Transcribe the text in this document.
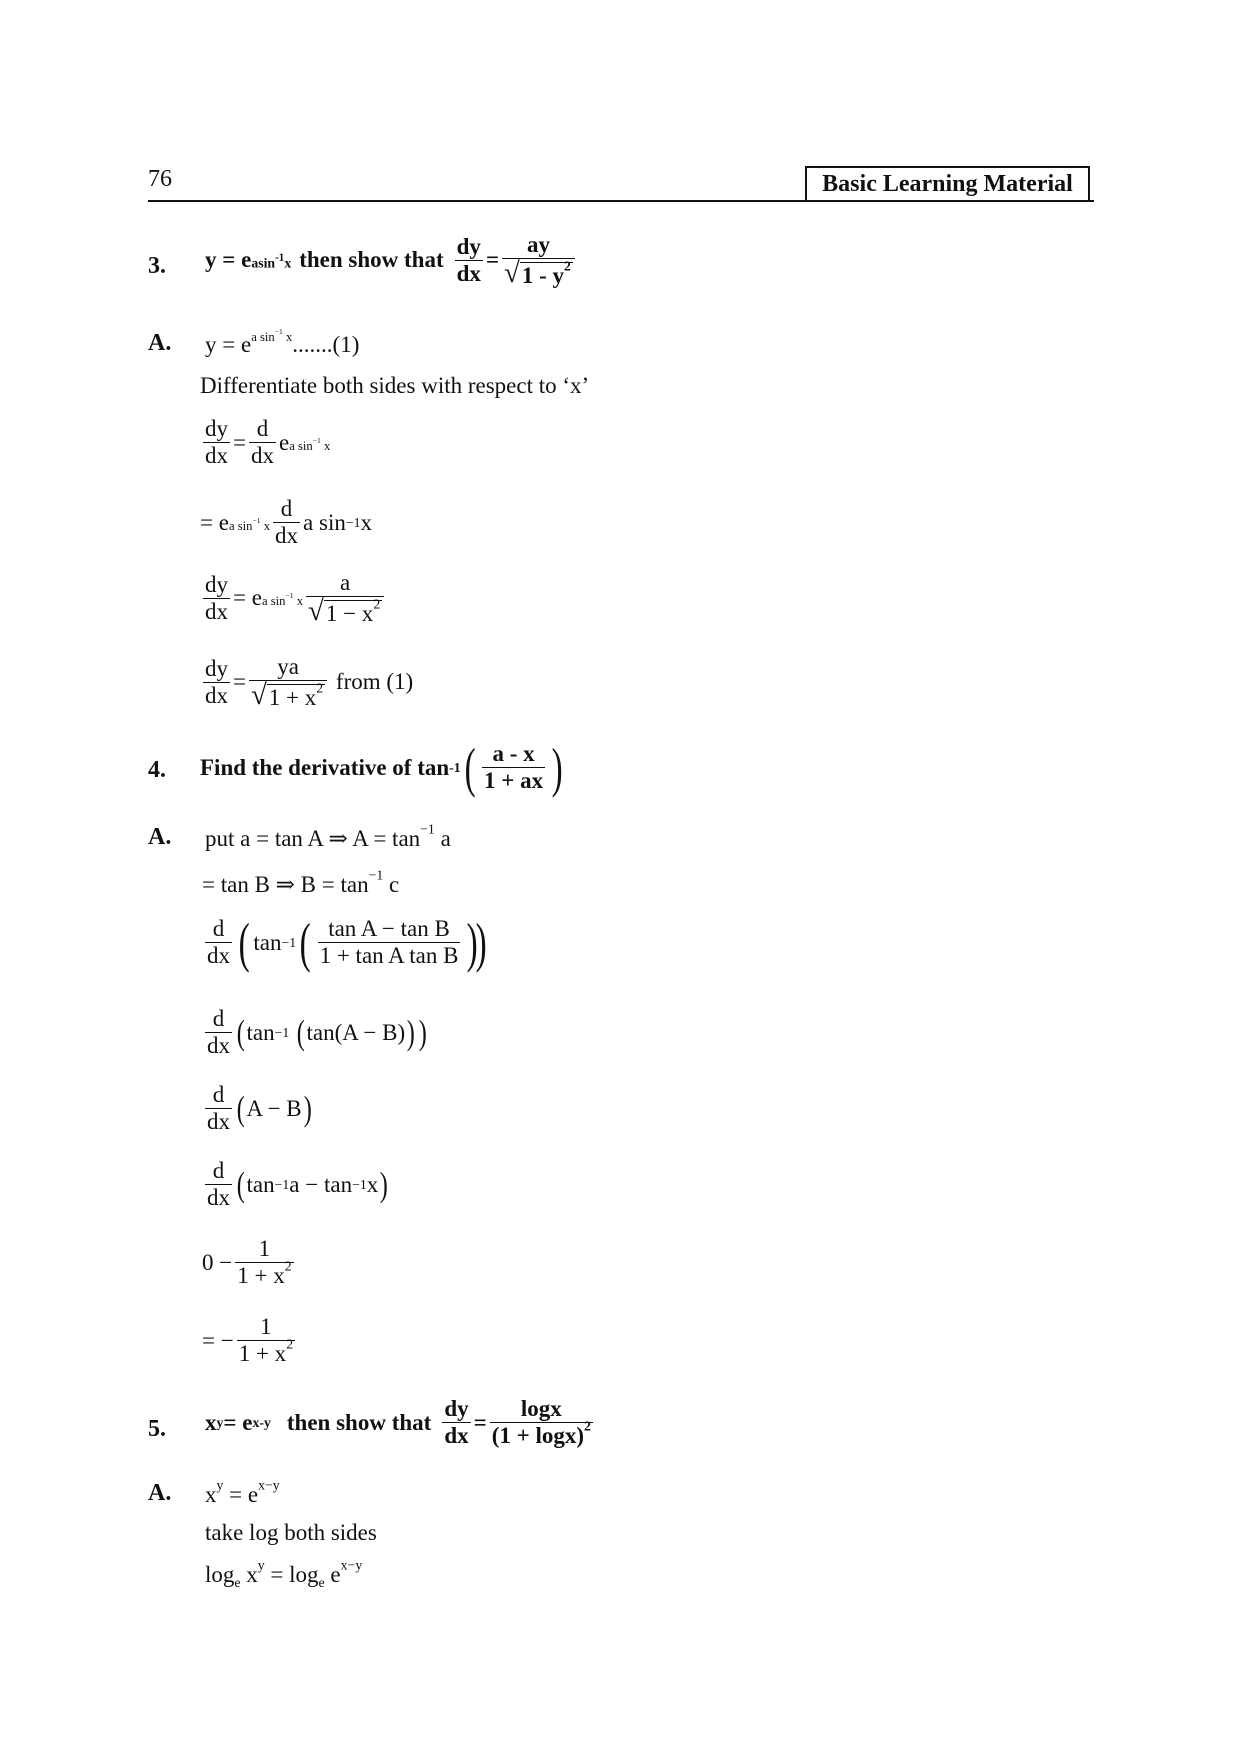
76	Basic Learning Material
3. y = e asin$^{-1}$x then show that $\frac{dy}{dx} = \frac{ay}{√ 1 - y^2}$
A. $y = e^{a sin^{-1} x}.......(1)$
Differentiate both sides with respect to ‘x’
$\frac{dy}{dx} = \frac{d}{dx}$ e a $\sin^{-1} x$
=
e a $\sin^{-1} x \frac{d}{dx}$ a sin −1 x
$\frac{dy}{dx}$ =
e a $\sin^{-1} x \frac{a}{√ 1 - x^2}$
$\frac{dy}{dx} = \frac{ya}{√ 1 + x^2}$
from (1)
4. Find the derivative of tan -1 ( $\frac{a - x}{1 + ax}$ )
A. put a = tan A ⇒ $A = \tan^{-1} a$
= tan B ⇒ $B = \tan^{-1} c$
$\frac{d}{dx}$ ( tan −1 ( $\frac{\text{tan A − tan B}}{\text{1 + tan A tan B}}$ )
)
$\frac{d}{dx}$ ( tan −1
( tan(A − B) ) )
$\frac{d}{dx}$ ( A − B )
$\frac{d}{dx}$ ( tan −1 a − tan −1 x )
$0 - \frac{1}{1 + x^2}$
= − $\frac{1}{1 + x^2}$
5. x y = e x-y then show that $\frac{dy}{dx} = \frac{\log x}{(1 + \log x)^2}$
A. $x^y = e^{x-y}$
take log both sides
$\log_e x^y = \log_e e^{x-y}$
